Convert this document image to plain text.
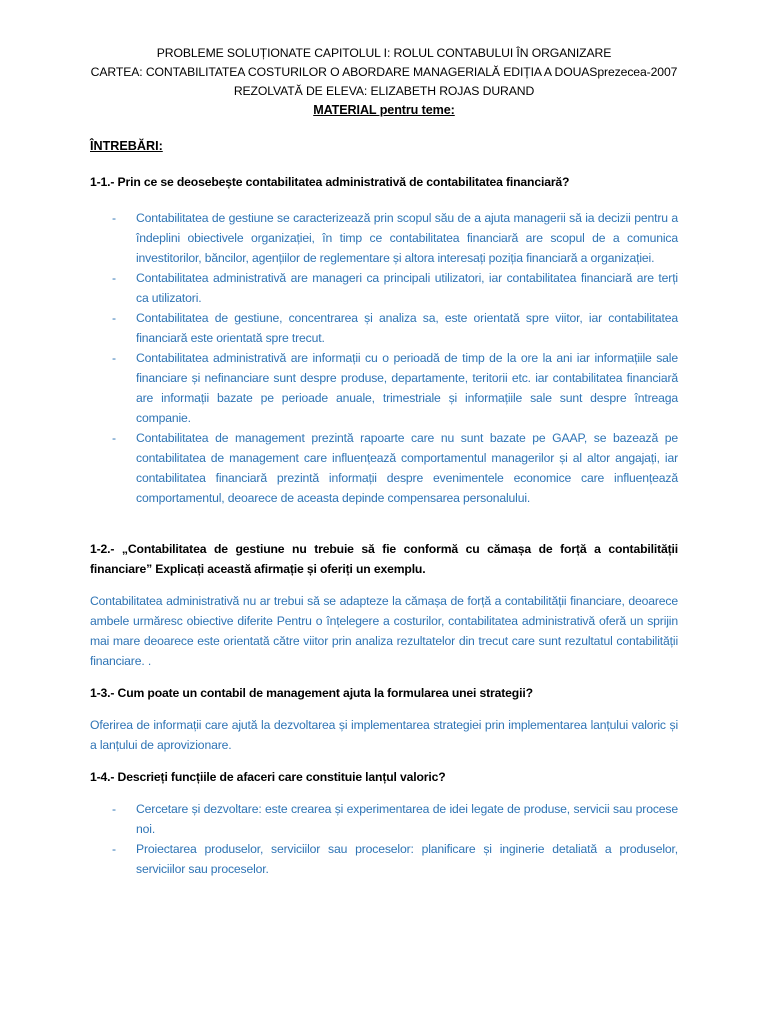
PROBLEME SOLUȚIONATE CAPITOLUL I: ROLUL CONTABULUI ÎN ORGANIZARE
CARTEA: CONTABILITATEA COSTURILOR O ABORDARE MANAGERIALĂ EDIȚIA A DOUASprezecea-2007
REZOLVATĂ DE ELEVA: ELIZABETH ROJAS DURAND
MATERIAL pentru teme:
ÎNTREBĂRI:
1-1.- Prin ce se deosebește contabilitatea administrativă de contabilitatea financiară?
- Contabilitatea de gestiune se caracterizează prin scopul său de a ajuta managerii să ia decizii pentru a îndeplini obiectivele organizației, în timp ce contabilitatea financiară are scopul de a comunica investitorilor, băncilor, agențiilor de reglementare și altora interesați poziția financiară a organizației.
- Contabilitatea administrativă are manageri ca principali utilizatori, iar contabilitatea financiară are terți ca utilizatori.
- Contabilitatea de gestiune, concentrarea și analiza sa, este orientată spre viitor, iar contabilitatea financiară este orientată spre trecut.
- Contabilitatea administrativă are informații cu o perioadă de timp de la ore la ani iar informațiile sale financiare și nefinanciare sunt despre produse, departamente, teritorii etc. iar contabilitatea financiară are informații bazate pe perioade anuale, trimestriale și informațiile sale sunt despre întreaga companie.
- Contabilitatea de management prezintă rapoarte care nu sunt bazate pe GAAP, se bazează pe contabilitatea de management care influențează comportamentul managerilor și al altor angajați, iar contabilitatea financiară prezintă informații despre evenimentele economice care influențează comportamentul, deoarece de aceasta depinde compensarea personalului.
1-2.- „Contabilitatea de gestiune nu trebuie să fie conformă cu cămașa de forță a contabilității financiare” Explicați această afirmație și oferiți un exemplu.
Contabilitatea administrativă nu ar trebui să se adapteze la cămașa de forță a contabilității financiare, deoarece ambele urmăresc obiective diferite Pentru o înțelegere a costurilor, contabilitatea administrativă oferă un sprijin mai mare deoarece este orientată către viitor prin analiza rezultatelor din trecut care sunt rezultatul contabilității financiare. .
1-3.- Cum poate un contabil de management ajuta la formularea unei strategii?
Oferirea de informații care ajută la dezvoltarea și implementarea strategiei prin implementarea lanțului valoric și a lanțului de aprovizionare.
1-4.- Descrieți funcțiile de afaceri care constituie lanțul valoric?
- Cercetare și dezvoltare: este crearea și experimentarea de idei legate de produse, servicii sau procese noi.
- Proiectarea produselor, serviciilor sau proceselor: planificare și inginerie detaliată a produselor, serviciilor sau proceselor.
